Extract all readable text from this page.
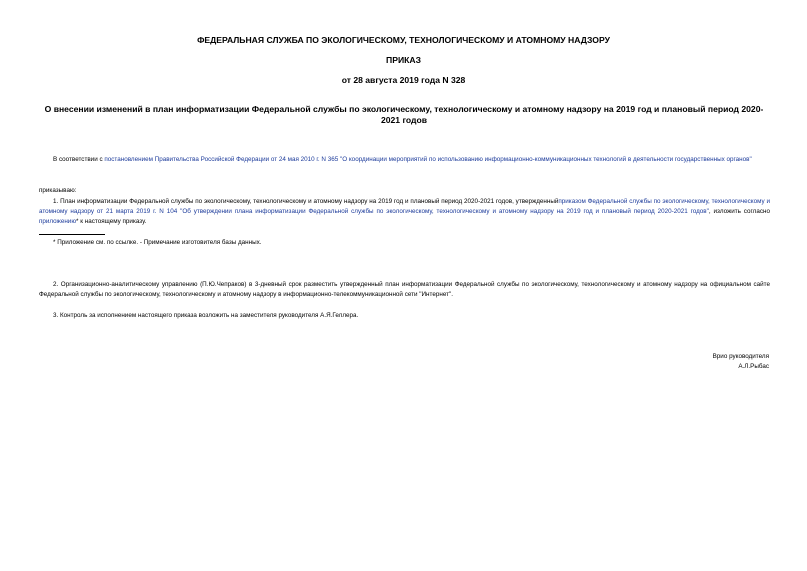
ФЕДЕРАЛЬНАЯ СЛУЖБА ПО ЭКОЛОГИЧЕСКОМУ, ТЕХНОЛОГИЧЕСКОМУ И АТОМНОМУ НАДЗОРУ
ПРИКАЗ
от 28 августа 2019 года N 328
О внесении изменений в план информатизации Федеральной службы по экологическому, технологическому и атомному надзору на 2019 год и плановый период 2020-2021 годов
В соответствии с постановлением Правительства Российской Федерации от 24 мая 2010 г. N 365 "О координации мероприятий по использованию информационно-коммуникационных технологий в деятельности государственных органов"
приказываю:
1. План информатизации Федеральной службы по экологическому, технологическому и атомному надзору на 2019 год и плановый период 2020-2021 годов, утвержденныйприказом Федеральной службы по экологическому, технологическому и атомному надзору от 21 марта 2019 г. N 104 "Об утверждении плана информатизации Федеральной службы по экологическому, технологическому и атомному надзору на 2019 год и плановый период 2020-2021 годов", изложить согласно приложению* к настоящему приказу.
* Приложение см. по ссылке. - Примечание изготовителя базы данных.
2. Организационно-аналитическому управлению (П.Ю.Чепраков) в 3-дневный срок разместить утвержденный план информатизации Федеральной службы по экологическому, технологическому и атомному надзору на официальном сайте Федеральной службы по экологическому, технологическому и атомному надзору в информационно-телекоммуникационной сети "Интернет".
3. Контроль за исполнением настоящего приказа возложить на заместителя руководителя А.Я.Геллера.
Врио руководителя
А.Л.Рыбас
